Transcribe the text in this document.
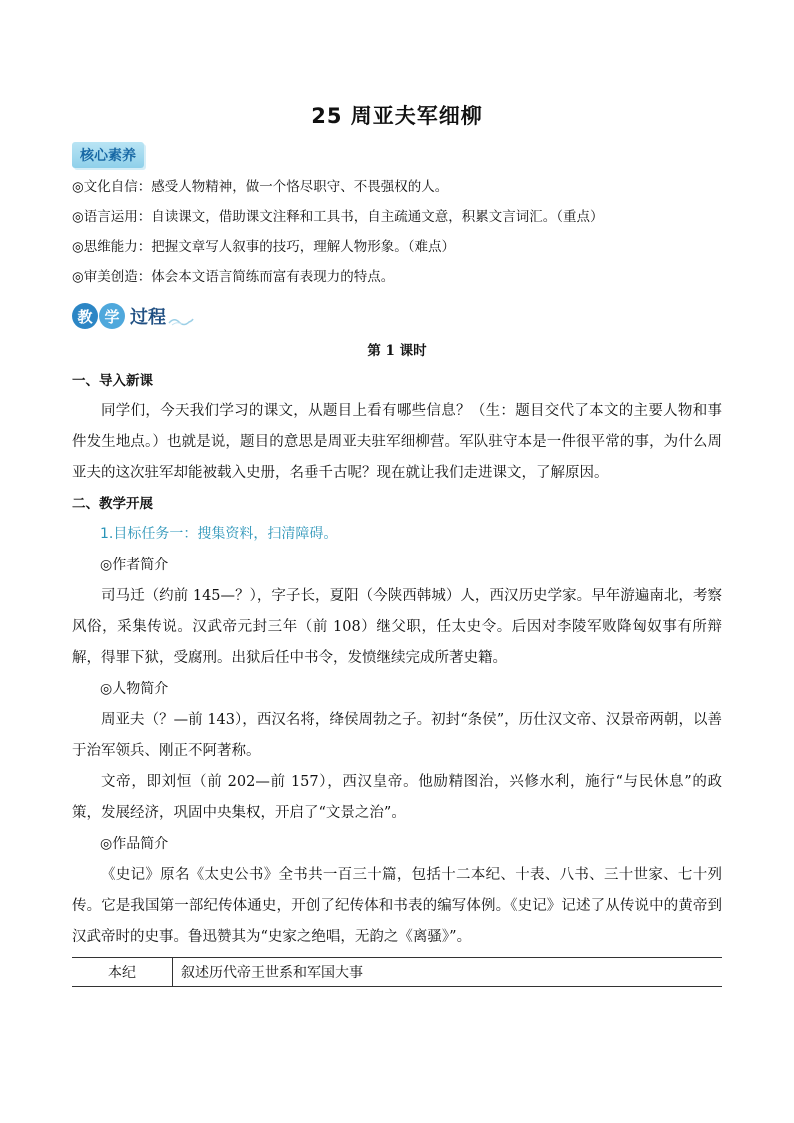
25 周亚夫军细柳
核心素养

◎文化自信：感受人物精神，做一个恪尽职守、不畏强权的人。

◎语言运用：自读课文，借助课文注释和工具书，自主疏通文意，积累文言词汇。（重点）

◎思维能力：把握文章写人叙事的技巧，理解人物形象。（难点）

◎审美创造：体会本文语言简练而富有表现力的特点。

教 学 过程

第 1 课时

一、导入新课

同学们，今天我们学习的课文，从题目上看有哪些信息？（生：题目交代了本文的主要人物和事件发生地点。）也就是说，题目的意思是周亚夫驻军细柳营。军队驻守本是一件很平常的事，为什么周亚夫的这次驻军却能被载入史册，名垂千古呢？现在就让我们走进课文，了解原因。

二、教学开展

1.目标任务一：搜集资料，扫清障碍。

◎作者简介

司马迁（约前 145—？），字子长，夏阳（今陕西韩城）人，西汉历史学家。早年游遍南北，考察风俗，采集传说。汉武帝元封三年（前 108）继父职，任太史令。后因对李陵军败降匈奴事有所辩解，得罪下狱，受腐刑。出狱后任中书令，发愤继续完成所著史籍。

◎人物简介

周亚夫（？—前 143），西汉名将，绛侯周勃之子。初封“条侯”，历仕汉文帝、汉景帝两朝，以善于治军领兵、刚正不阿著称。

文帝，即刘恒（前 202—前 157），西汉皇帝。他励精图治，兴修水利，施行“与民休息”的政策，发展经济，巩固中央集权，开启了“文景之治”。

◎作品简介

《史记》原名《太史公书》全书共一百三十篇，包括十二本纪、十表、八书、三十世家、七十列传。它是我国第一部纪传体通史，开创了纪传体和书表的编写体例。《史记》记述了从传说中的黄帝到汉武帝时的史事。鲁迅赞其为“史家之绝唱，无韵之《离骚》”。

本纪	叙述历代帝王世系和军国大事
